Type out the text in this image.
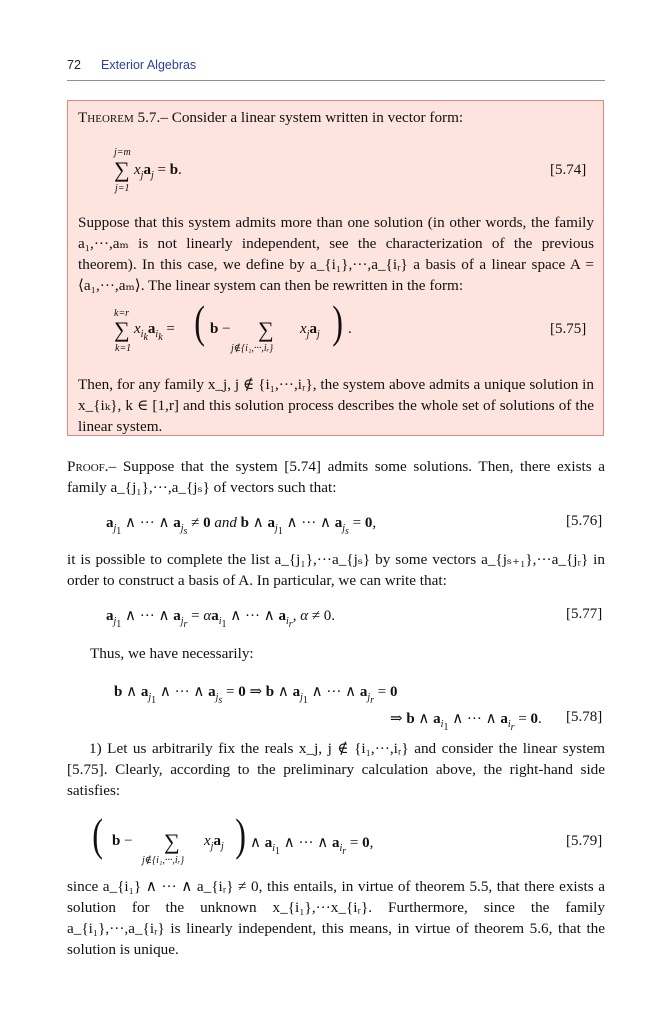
72 Exterior Algebras
Theorem 5.7.– Consider a linear system written in vector form:
j=m
∑
j=1
$x_ja_j = b$.	[5.74]
Suppose that this system admits more than one solution (in other words, the family a₁,···,aₘ is not linearly independent, see the characterization of the previous theorem). In this case, we define by a_{i₁},···,a_{iᵣ} a basis of a linear space A = ⟨a₁,···,aₘ⟩. The linear system can then be rewritten in the form:
k=r
∑
k=1
$x_{i_k}a_{i_k}$ = ( b − ∑
j∉{i₁,···,iᵣ}
$x_ja_j$ ) .	[5.75]
Then, for any family x_j, j ∉ {i₁,···,iᵣ}, the system above admits a unique solution in x_{iₖ}, k ∈ [1,r] and this solution process describes the whole set of solutions of the linear system.
Proof.– Suppose that the system [5.74] admits some solutions. Then, there exists a family a_{j₁},···,a_{jₛ} of vectors such that:
$a_{j_1}$ ∧ ··· ∧ $a_{j_s} \ne 0$ and b ∧ $a_{j_1}$ ∧ ··· ∧ $a_{j_s} = 0$,	[5.76]
it is possible to complete the list a_{j₁},···a_{jₛ} by some vectors a_{jₛ₊₁},···a_{jᵣ} in order to construct a basis of A. In particular, we can write that:
$a_{j_1}$ ∧ ··· ∧ $a_{j_r} = \alpha a_{i_1}$ ∧ ··· ∧ $a_{i_r}$, α ≠ 0.	[5.77]
Thus, we have necessarily:
b ∧ $a_{j_1}$ ∧ ··· ∧ $a_{j_s} = 0$ ⇒ b ∧ $a_{j_1}$ ∧ ··· ∧ $a_{j_r} = 0$
⇒ b ∧ $a_{i_1}$ ∧ ··· ∧ $a_{i_r} = 0$. [5.78]
1) Let us arbitrarily fix the reals x_j, j ∉ {i₁,···,iᵣ} and consider the linear system [5.75]. Clearly, according to the preliminary calculation above, the right-hand side satisfies:
( b − ∑
j∉{i₁,···,iᵣ}
$x_ja_j$ ) ∧ $a_{i_1}$ ∧ ··· ∧ $a_{i_r} = 0$,	[5.79]
since a_{i₁} ∧ ··· ∧ a_{iᵣ} ≠ 0, this entails, in virtue of theorem 5.5, that there exists a solution for the unknown x_{i₁},···x_{iᵣ}. Furthermore, since the family a_{i₁},···,a_{iᵣ} is linearly independent, this means, in virtue of theorem 5.6, that the solution is unique.
